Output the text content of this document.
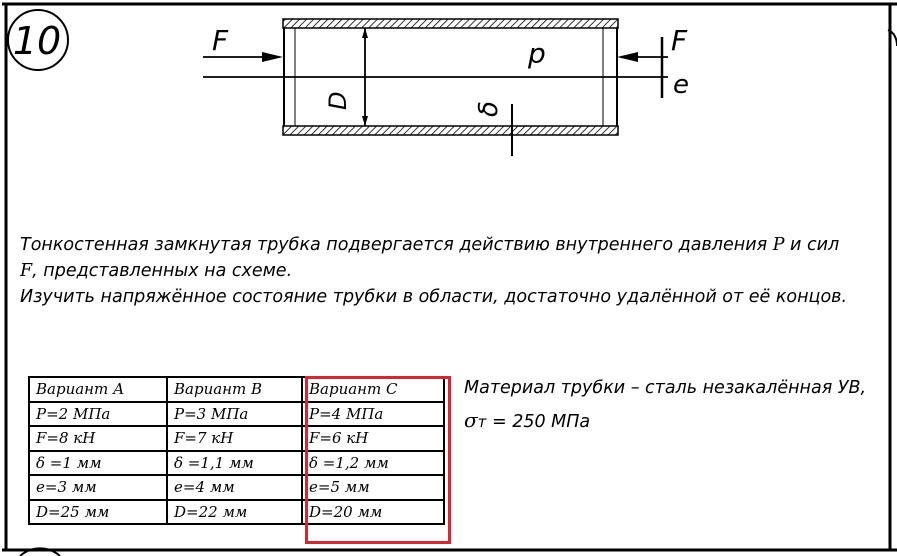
10	F	F
p
e
D	δ

Тонкостенная замкнутая трубка подвергается действию внутреннего давления P и сил

F, представленных на схеме.

Изучить напряжённое состояние трубки в области, достаточно удалённой от её концов.

Вариант А	Вариант В	Вариант С
P=2 МПа	P=3 МПа	P=4 МПа
F=8 кН	F=7 кН	F=6 кН
δ =1 мм	δ =1,1 мм	δ =1,2 мм
e=3 мм	e=4 мм	e=5 мм
D=25 мм	D=22 мм	D=20 мм
Материал трубки – сталь незакалённая УВ,
σт = 250 МПа
